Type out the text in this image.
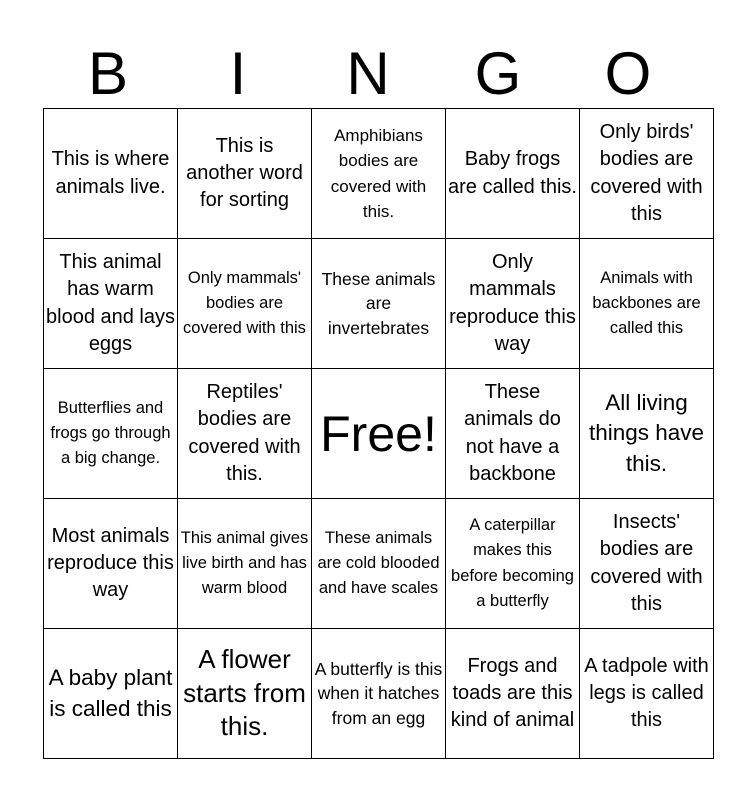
B	I	N	G	O
This is where animals live.	This is another word for sorting	Amphibians bodies are covered with this.	Baby frogs are called this.	Only birds' bodies are covered with this

This animal has warm blood and lays eggs	Only mammals' bodies are covered with this	These animals are invertebrates	Only mammals reproduce this way	Animals with backbones are called this

Butterflies and frogs go through a big change.	Reptiles' bodies are covered with this.	Free!	These animals do not have a backbone	All living things have this.

Most animals reproduce this way	This animal gives live birth and has warm blood	These animals are cold blooded and have scales	A caterpillar makes this before becoming a butterfly	Insects' bodies are covered with this

A baby plant is called this	A flower starts from this.	A butterfly is this when it hatches from an egg	Frogs and toads are this kind of animal	A tadpole with legs is called this
